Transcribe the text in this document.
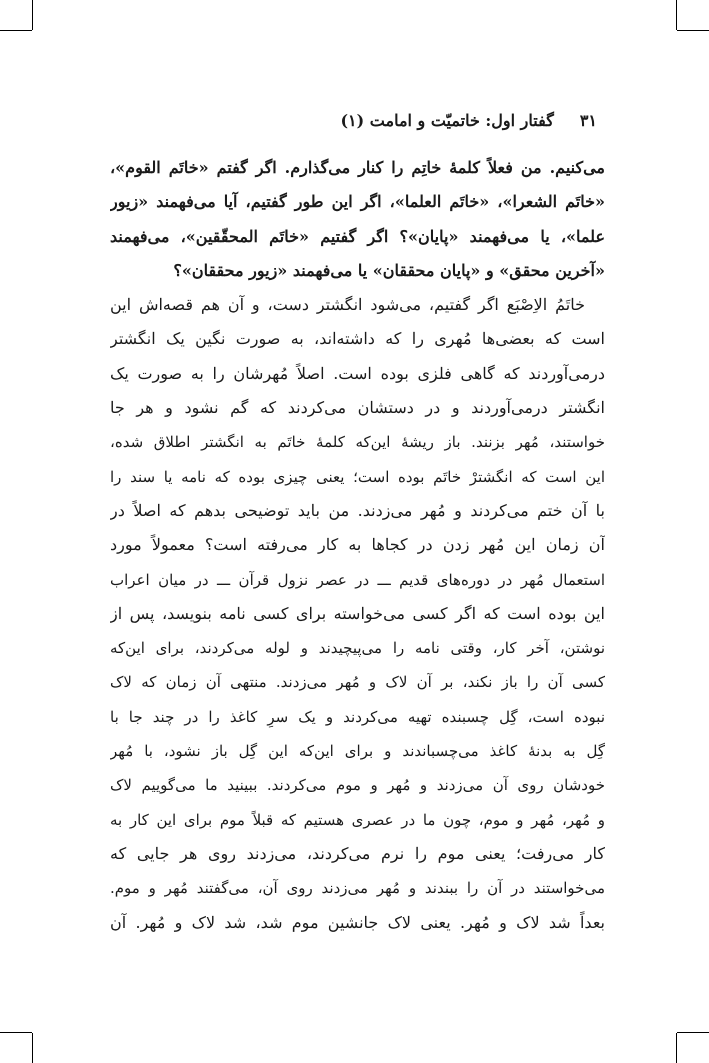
۳۱گفتار اول: خاتمیّت و امامت (۱)
می‌کنیم. من فعلاً کلمهٔ خاتِم را کنار می‌گذارم. اگر گفتم «خاتَم القوم»،
«خاتَم الشعرا»، «خاتَم العلما»، اگر این طور گفتیم، آیا می‌فهمند «زیور
علما»، یا می‌فهمند «پایان»؟ اگر گفتیم «خاتَم المحقّقین»، می‌فهمند
«آخرین محقق» و «پایان محققان» یا می‌فهمند «زیور محققان»؟
خاتَمُ الاِصْبَع اگر گفتیم، می‌شود انگشتر دست، و آن هم قصه‌اش این
است که بعضی‌ها مُهری را که داشته‌اند، به صورت نگین یک انگشتر
درمی‌آوردند که گاهی فلزی بوده است. اصلاً مُهرشان را به صورت یک
انگشتر درمی‌آوردند و در دستشان می‌کردند که گم نشود و هر جا
خواستند، مُهر بزنند. باز ریشهٔ این‌که کلمهٔ خاتَم به انگشتر اطلاق شده،
این است که انگشترْ خاتَم بوده است؛ یعنی چیزی بوده که نامه یا سند را
با آن ختم می‌کردند و مُهر می‌زدند. من باید توضیحی بدهم که اصلاً در
آن زمان این مُهر زدن در کجاها به کار می‌رفته است؟ معمولاً مورد
استعمال مُهر در دوره‌های قدیم ـــ در عصر نزول قرآن ـــ در میان اعراب
این بوده است که اگر کسی می‌خواسته برای کسی نامه بنویسد، پس از
نوشتن، آخر کار، وقتی نامه را می‌پیچیدند و لوله می‌کردند، برای این‌که
کسی آن را باز نکند، بر آن لاک و مُهر می‌زدند. منتهی آن زمان که لاک
نبوده است، گِل چسبنده تهیه می‌کردند و یک سرِ کاغذ را در چند جا با
گِل به بدنهٔ کاغذ می‌چسباندند و برای این‌که این گِل باز نشود، با مُهر
خودشان روی آن می‌زدند و مُهر و موم می‌کردند. ببینید ما می‌گوییم لاک
و مُهر، مُهر و موم، چون ما در عصری هستیم که قبلاً موم برای این کار به
کار می‌رفت؛ یعنی موم را نرم می‌کردند، می‌زدند روی هر جایی که
می‌خواستند در آن را ببندند و مُهر می‌زدند روی آن، می‌گفتند مُهر و موم.
بعداً شد لاک و مُهر. یعنی لاک جانشین موم شد، شد لاک و مُهر. آن
